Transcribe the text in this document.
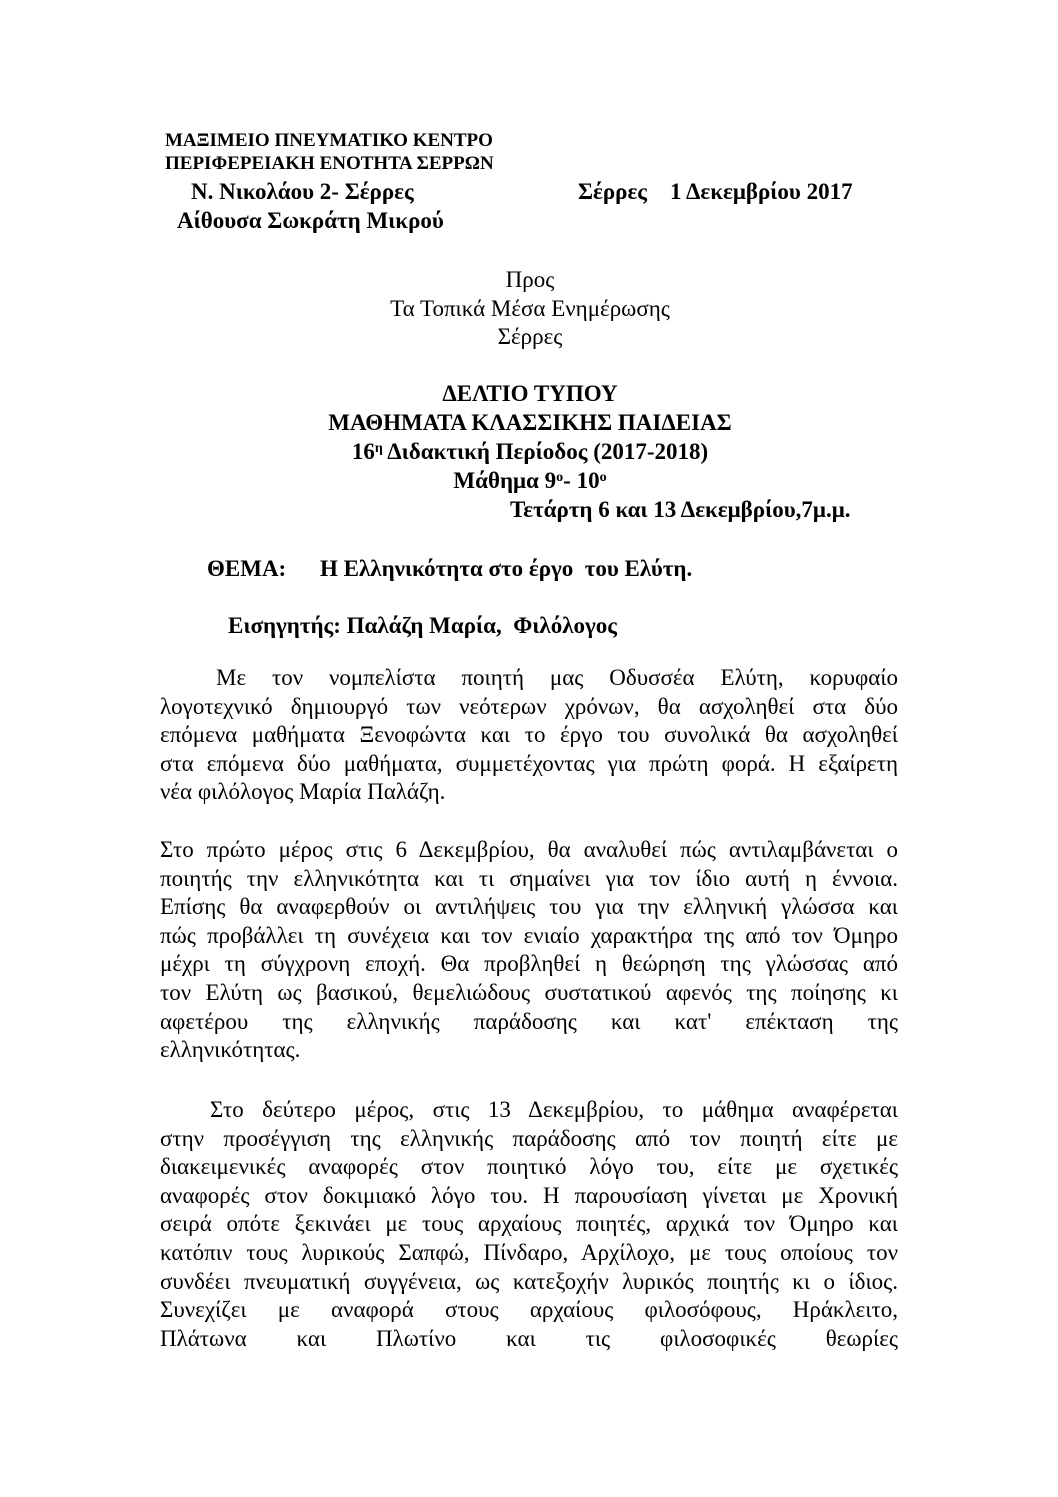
ΜΑΞΙΜΕΙΟ ΠΝΕΥΜΑΤΙΚΟ ΚΕΝΤΡΟ
ΠΕΡΙΦΕΡΕΙΑΚΗ ΕΝΟΤΗΤΑ ΣΕΡΡΩΝ
Ν. Νικολάου 2- Σέρρες	Σέρρες    1 Δεκεμβρίου 2017
Αίθουσα Σωκράτη Μικρού
Προς
Τα Τοπικά Μέσα Ενημέρωσης
Σέρρες
ΔΕΛΤΙΟ ΤΥΠΟΥ
ΜΑΘΗΜΑΤΑ ΚΛΑΣΣΙΚΗΣ ΠΑΙΔΕΙΑΣ
$16^\eta$ Διδακτική Περίοδος (2017-2018)
Μάθημα $9^o-$ $10^o$
Τετάρτη 6 και 13 Δεκεμβρίου,7μ.μ.
ΘΕΜΑ: Η Ελληνικότητα στο έργο  του Ελύτη.
Εισηγητής: Παλάζη Μαρία,  Φιλόλογος
Με τον νομπελίστα ποιητή μας Οδυσσέα Ελύτη, κορυφαίο
λογοτεχνικό δημιουργό των νεότερων χρόνων, θα ασχοληθεί στα δύο
επόμενα μαθήματα Ξενοφώντα και το έργο του συνολικά θα ασχοληθεί
στα επόμενα δύο μαθήματα, συμμετέχοντας για πρώτη φορά. Η εξαίρετη
νέα φιλόλογος Μαρία Παλάζη.
Στο πρώτο μέρος στις 6 Δεκεμβρίου, θα αναλυθεί πώς αντιλαμβάνεται ο
ποιητής την ελληνικότητα και τι σημαίνει για τον ίδιο αυτή η έννοια.
Επίσης θα αναφερθούν οι αντιλήψεις του για την ελληνική γλώσσα και
πώς προβάλλει τη συνέχεια και τον ενιαίο χαρακτήρα της από τον Όμηρο
μέχρι τη σύγχρονη εποχή. Θα προβληθεί η θεώρηση της γλώσσας από
τον Ελύτη ως βασικού, θεμελιώδους συστατικού αφενός της ποίησης κι
αφετέρου της ελληνικής παράδοσης και κατ' επέκταση της
ελληνικότητας.
Στο δεύτερο μέρος, στις 13 Δεκεμβρίου, το μάθημα αναφέρεται
στην προσέγγιση της ελληνικής παράδοσης από τον ποιητή είτε με
διακειμενικές αναφορές στον ποιητικό λόγο του, είτε με σχετικές
αναφορές στον δοκιμιακό λόγο του. Η παρουσίαση γίνεται με Χρονική
σειρά οπότε ξεκινάει με τους αρχαίους ποιητές, αρχικά τον Όμηρο και
κατόπιν τους λυρικούς Σαπφώ, Πίνδαρο, Αρχίλοχο, με τους οποίους τον
συνδέει πνευματική συγγένεια, ως κατεξοχήν λυρικός ποιητής κι ο ίδιος.
Συνεχίζει με αναφορά στους αρχαίους φιλοσόφους, Ηράκλειτο,
Πλάτωνα και Πλωτίνο και τις φιλοσοφικές θεωρίες
